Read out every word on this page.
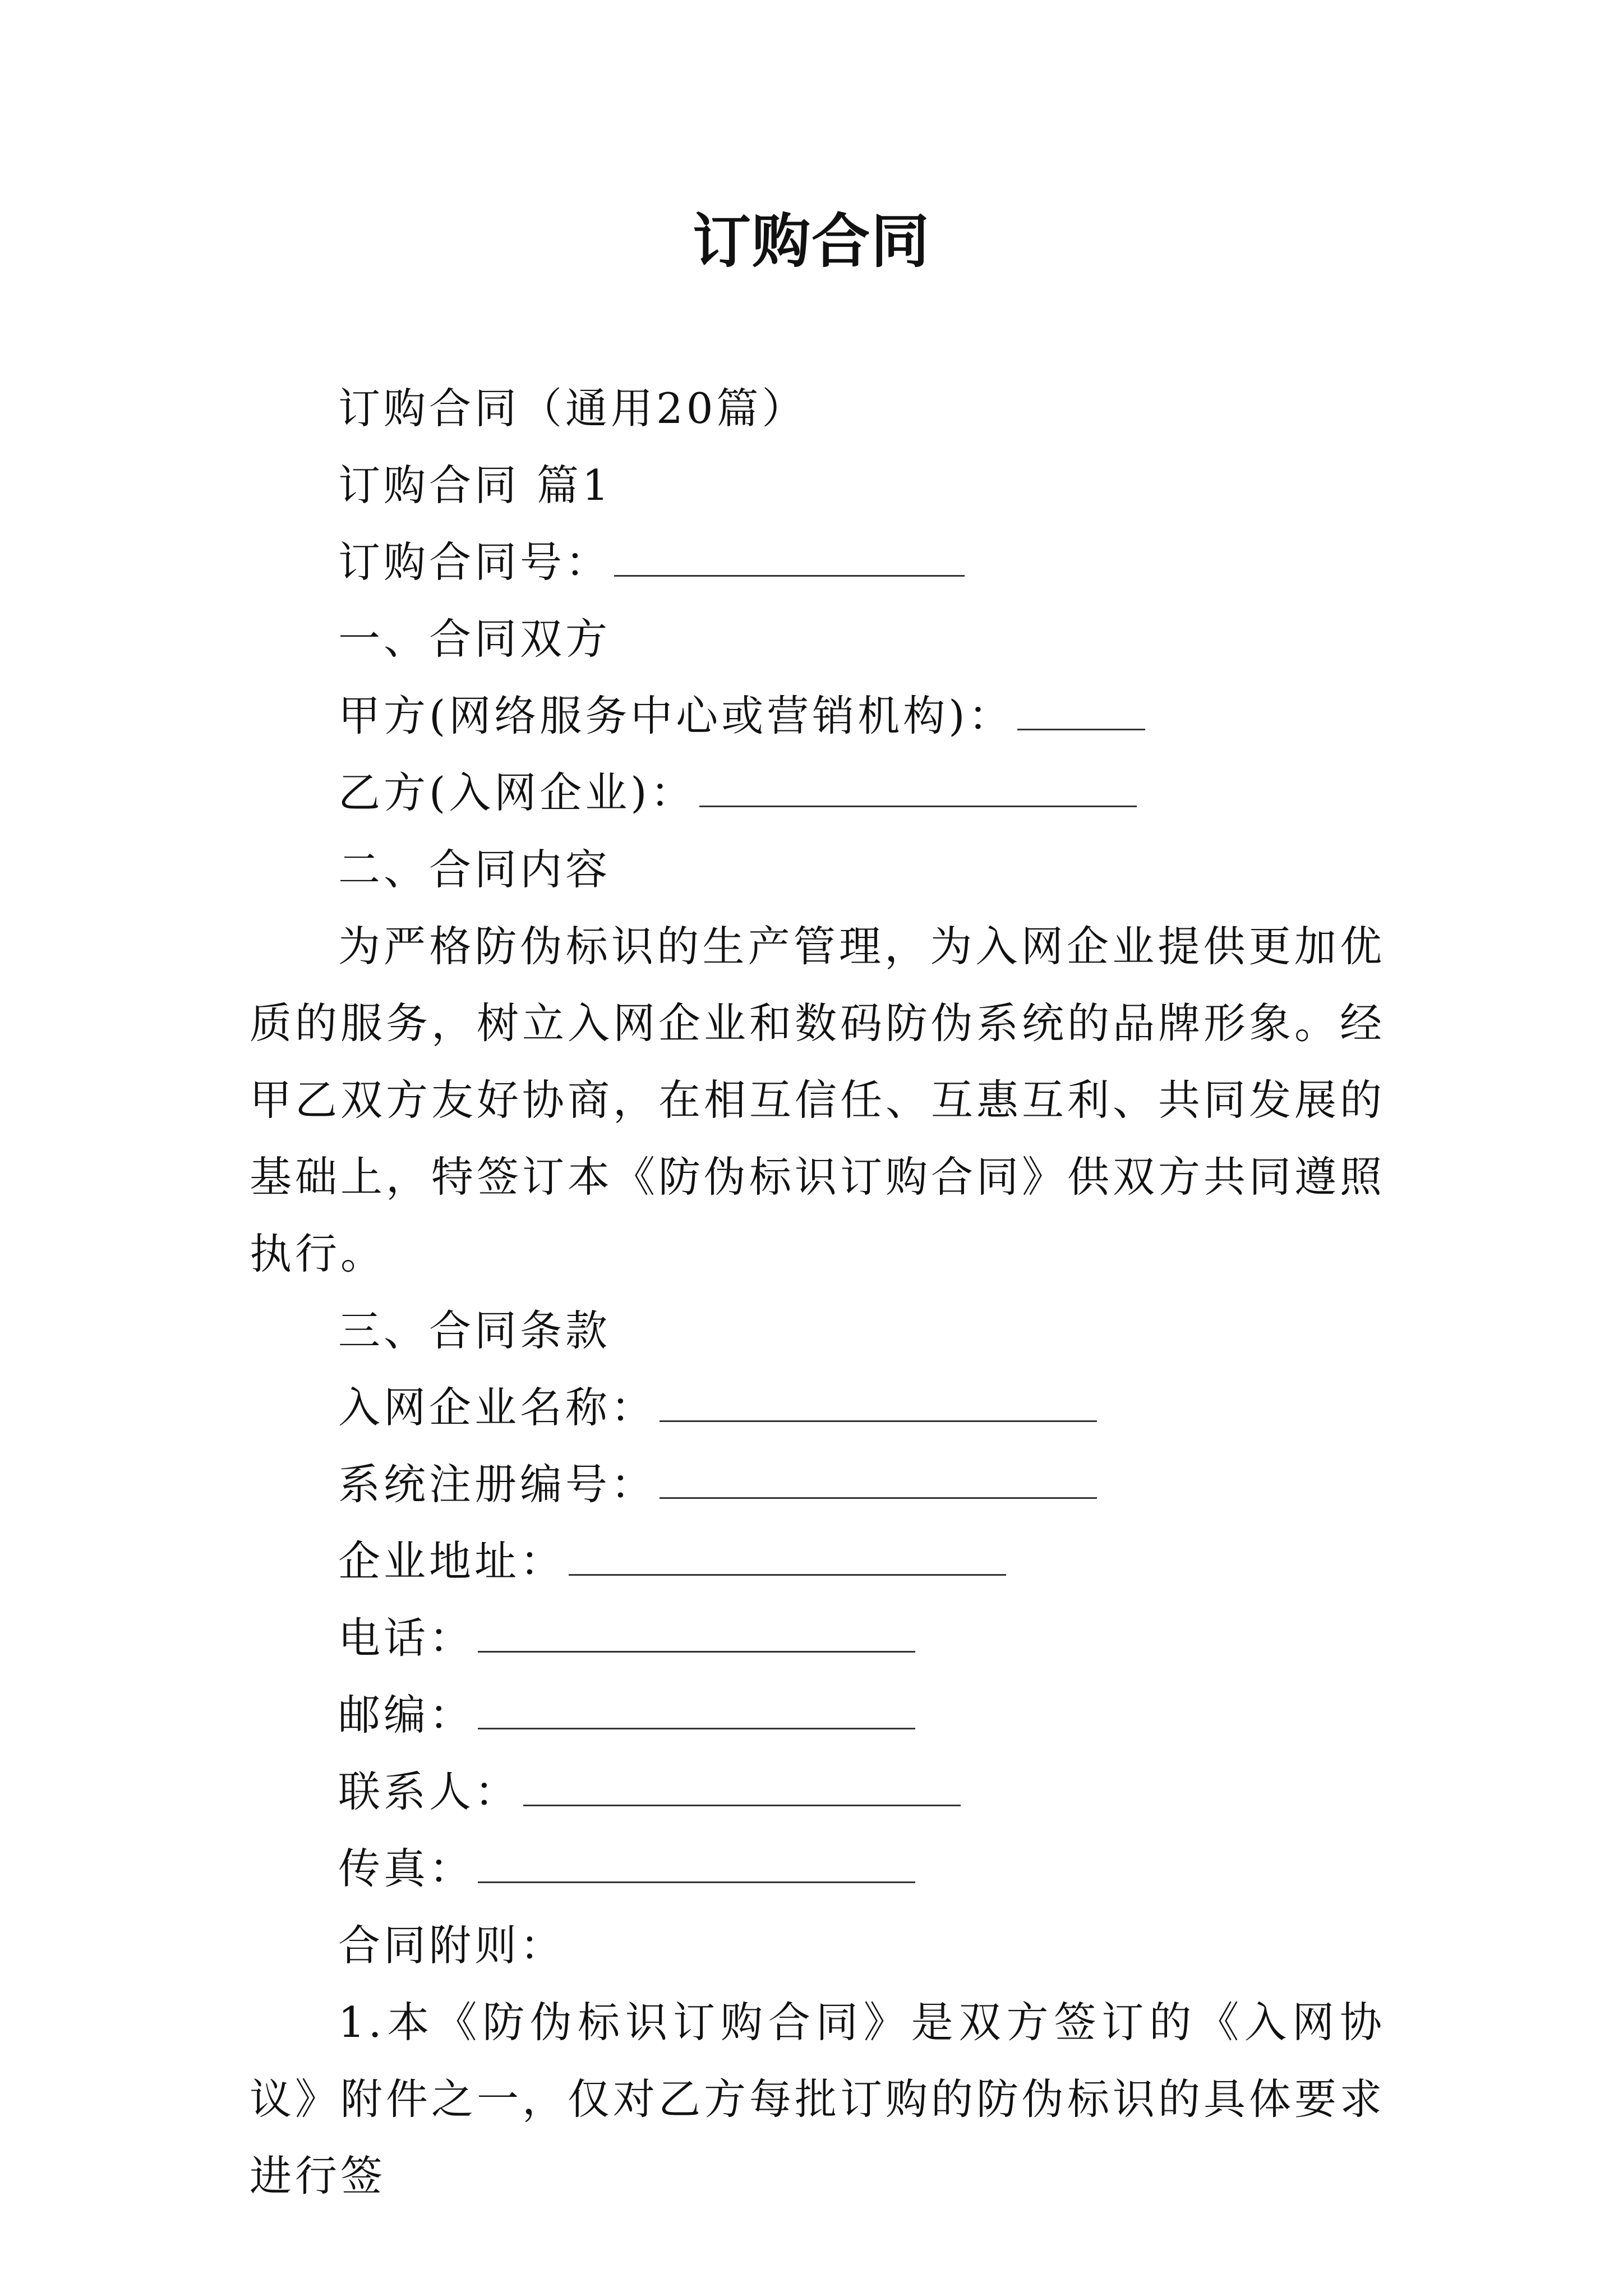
订购合同
订购合同（通用20篇）
订购合同 篇1
订购合同号：
一、合同双方
甲方(网络服务中心或营销机构)：
乙方(入网企业)：
二、合同内容
为严格防伪标识的生产管理，为入网企业提供更加优质的服务，树立入网企业和数码防伪系统的品牌形象。经甲乙双方友好协商，在相互信任、互惠互利、共同发展的基础上，特签订本《防伪标识订购合同》供双方共同遵照执行。
三、合同条款
入网企业名称：
系统注册编号：
企业地址：
电话：
邮编：
联系人：
传真：
合同附则：
1.本《防伪标识订购合同》是双方签订的《入网协议》附件之一，仅对乙方每批订购的防伪标识的具体要求进行签
